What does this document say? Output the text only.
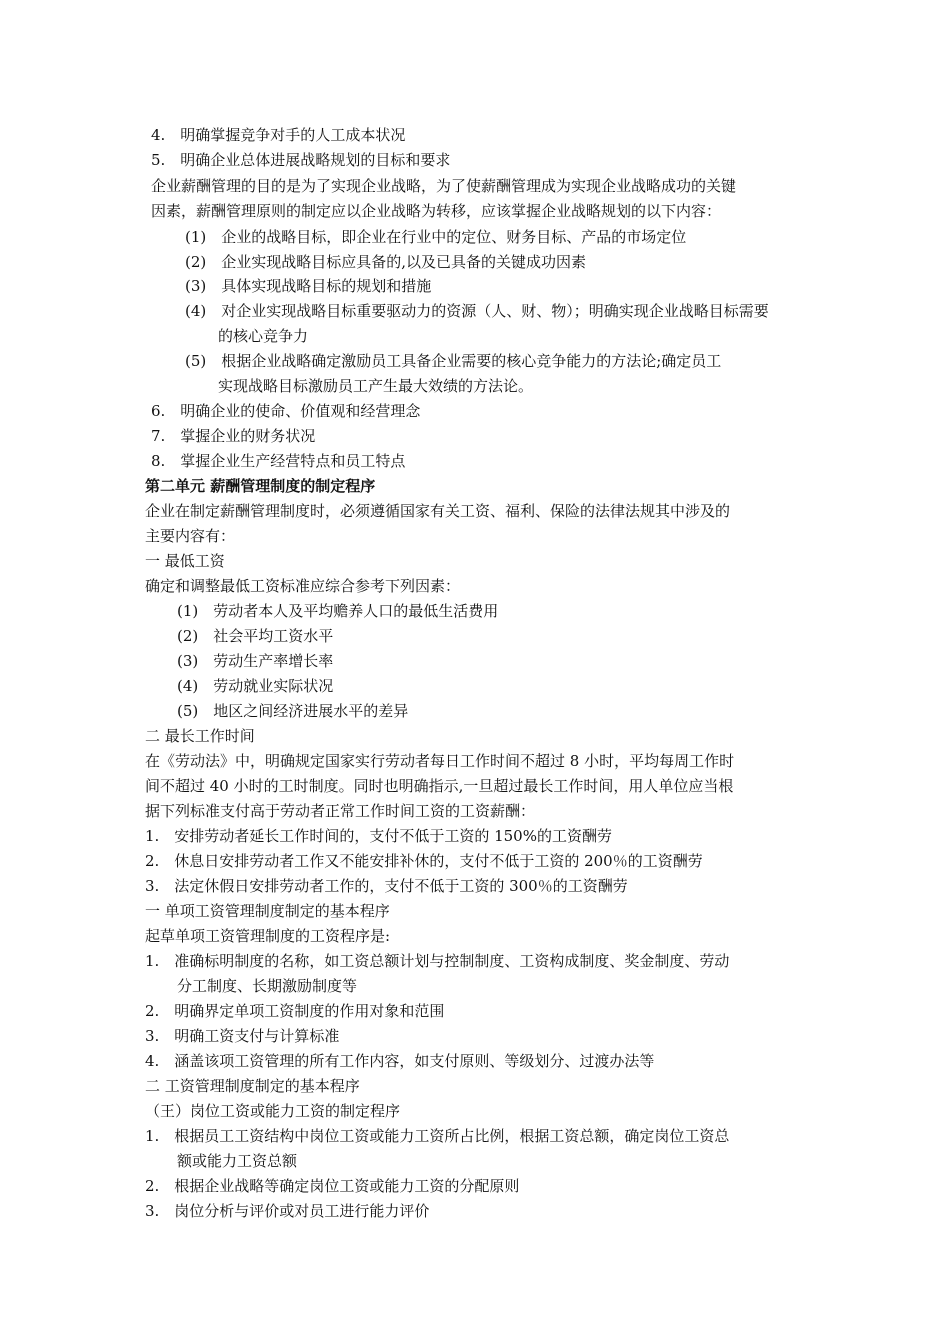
4.　明确掌握竞争对手的人工成本状况
5.　明确企业总体进展战略规划的目标和要求
企业薪酬管理的目的是为了实现企业战略，为了使薪酬管理成为实现企业战略成功的关键
因素，薪酬管理原则的制定应以企业战略为转移，应该掌握企业战略规划的以下内容：
(1)　企业的战略目标，即企业在行业中的定位、财务目标、产品的市场定位
(2)　企业实现战略目标应具备的,以及已具备的关键成功因素
(3)　具体实现战略目标的规划和措施
(4)　对企业实现战略目标重要驱动力的资源（人、财、物）；明确实现企业战略目标需要
的核心竞争力
(5)　根据企业战略确定激励员工具备企业需要的核心竞争能力的方法论;确定员工
实现战略目标激励员工产生最大效绩的方法论。
6.　明确企业的使命、价值观和经营理念
7.　掌握企业的财务状况
8.　掌握企业生产经营特点和员工特点
第二单元 薪酬管理制度的制定程序
企业在制定薪酬管理制度时，必须遵循国家有关工资、福利、保险的法律法规其中涉及的
主要内容有：
一 最低工资
确定和调整最低工资标准应综合参考下列因素：
(1)　劳动者本人及平均赡养人口的最低生活费用
(2)　社会平均工资水平
(3)　劳动生产率增长率
(4)　劳动就业实际状况
(5)　地区之间经济进展水平的差异
二 最长工作时间
在《劳动法》中，明确规定国家实行劳动者每日工作时间不超过 8 小时，平均每周工作时
间不超过 40 小时的工时制度。同时也明确指示,一旦超过最长工作时间，用人单位应当根
据下列标准支付高于劳动者正常工作时间工资的工资薪酬：
1.　安排劳动者延长工作时间的，支付不低于工资的 150%的工资酬劳
2.　休息日安排劳动者工作又不能安排补休的，支付不低于工资的 200％的工资酬劳
3.　法定休假日安排劳动者工作的，支付不低于工资的 300％的工资酬劳
一 单项工资管理制度制定的基本程序
起草单项工资管理制度的工资程序是:
1.　准确标明制度的名称，如工资总额计划与控制制度、工资构成制度、奖金制度、劳动
分工制度、长期激励制度等
2.　明确界定单项工资制度的作用对象和范围
3.　明确工资支付与计算标准
4.　涵盖该项工资管理的所有工作内容，如支付原则、等级划分、过渡办法等
二 工资管理制度制定的基本程序
（王）岗位工资或能力工资的制定程序
1.　根据员工工资结构中岗位工资或能力工资所占比例，根据工资总额，确定岗位工资总
额或能力工资总额
2.　根据企业战略等确定岗位工资或能力工资的分配原则
3.　岗位分析与评价或对员工进行能力评价
